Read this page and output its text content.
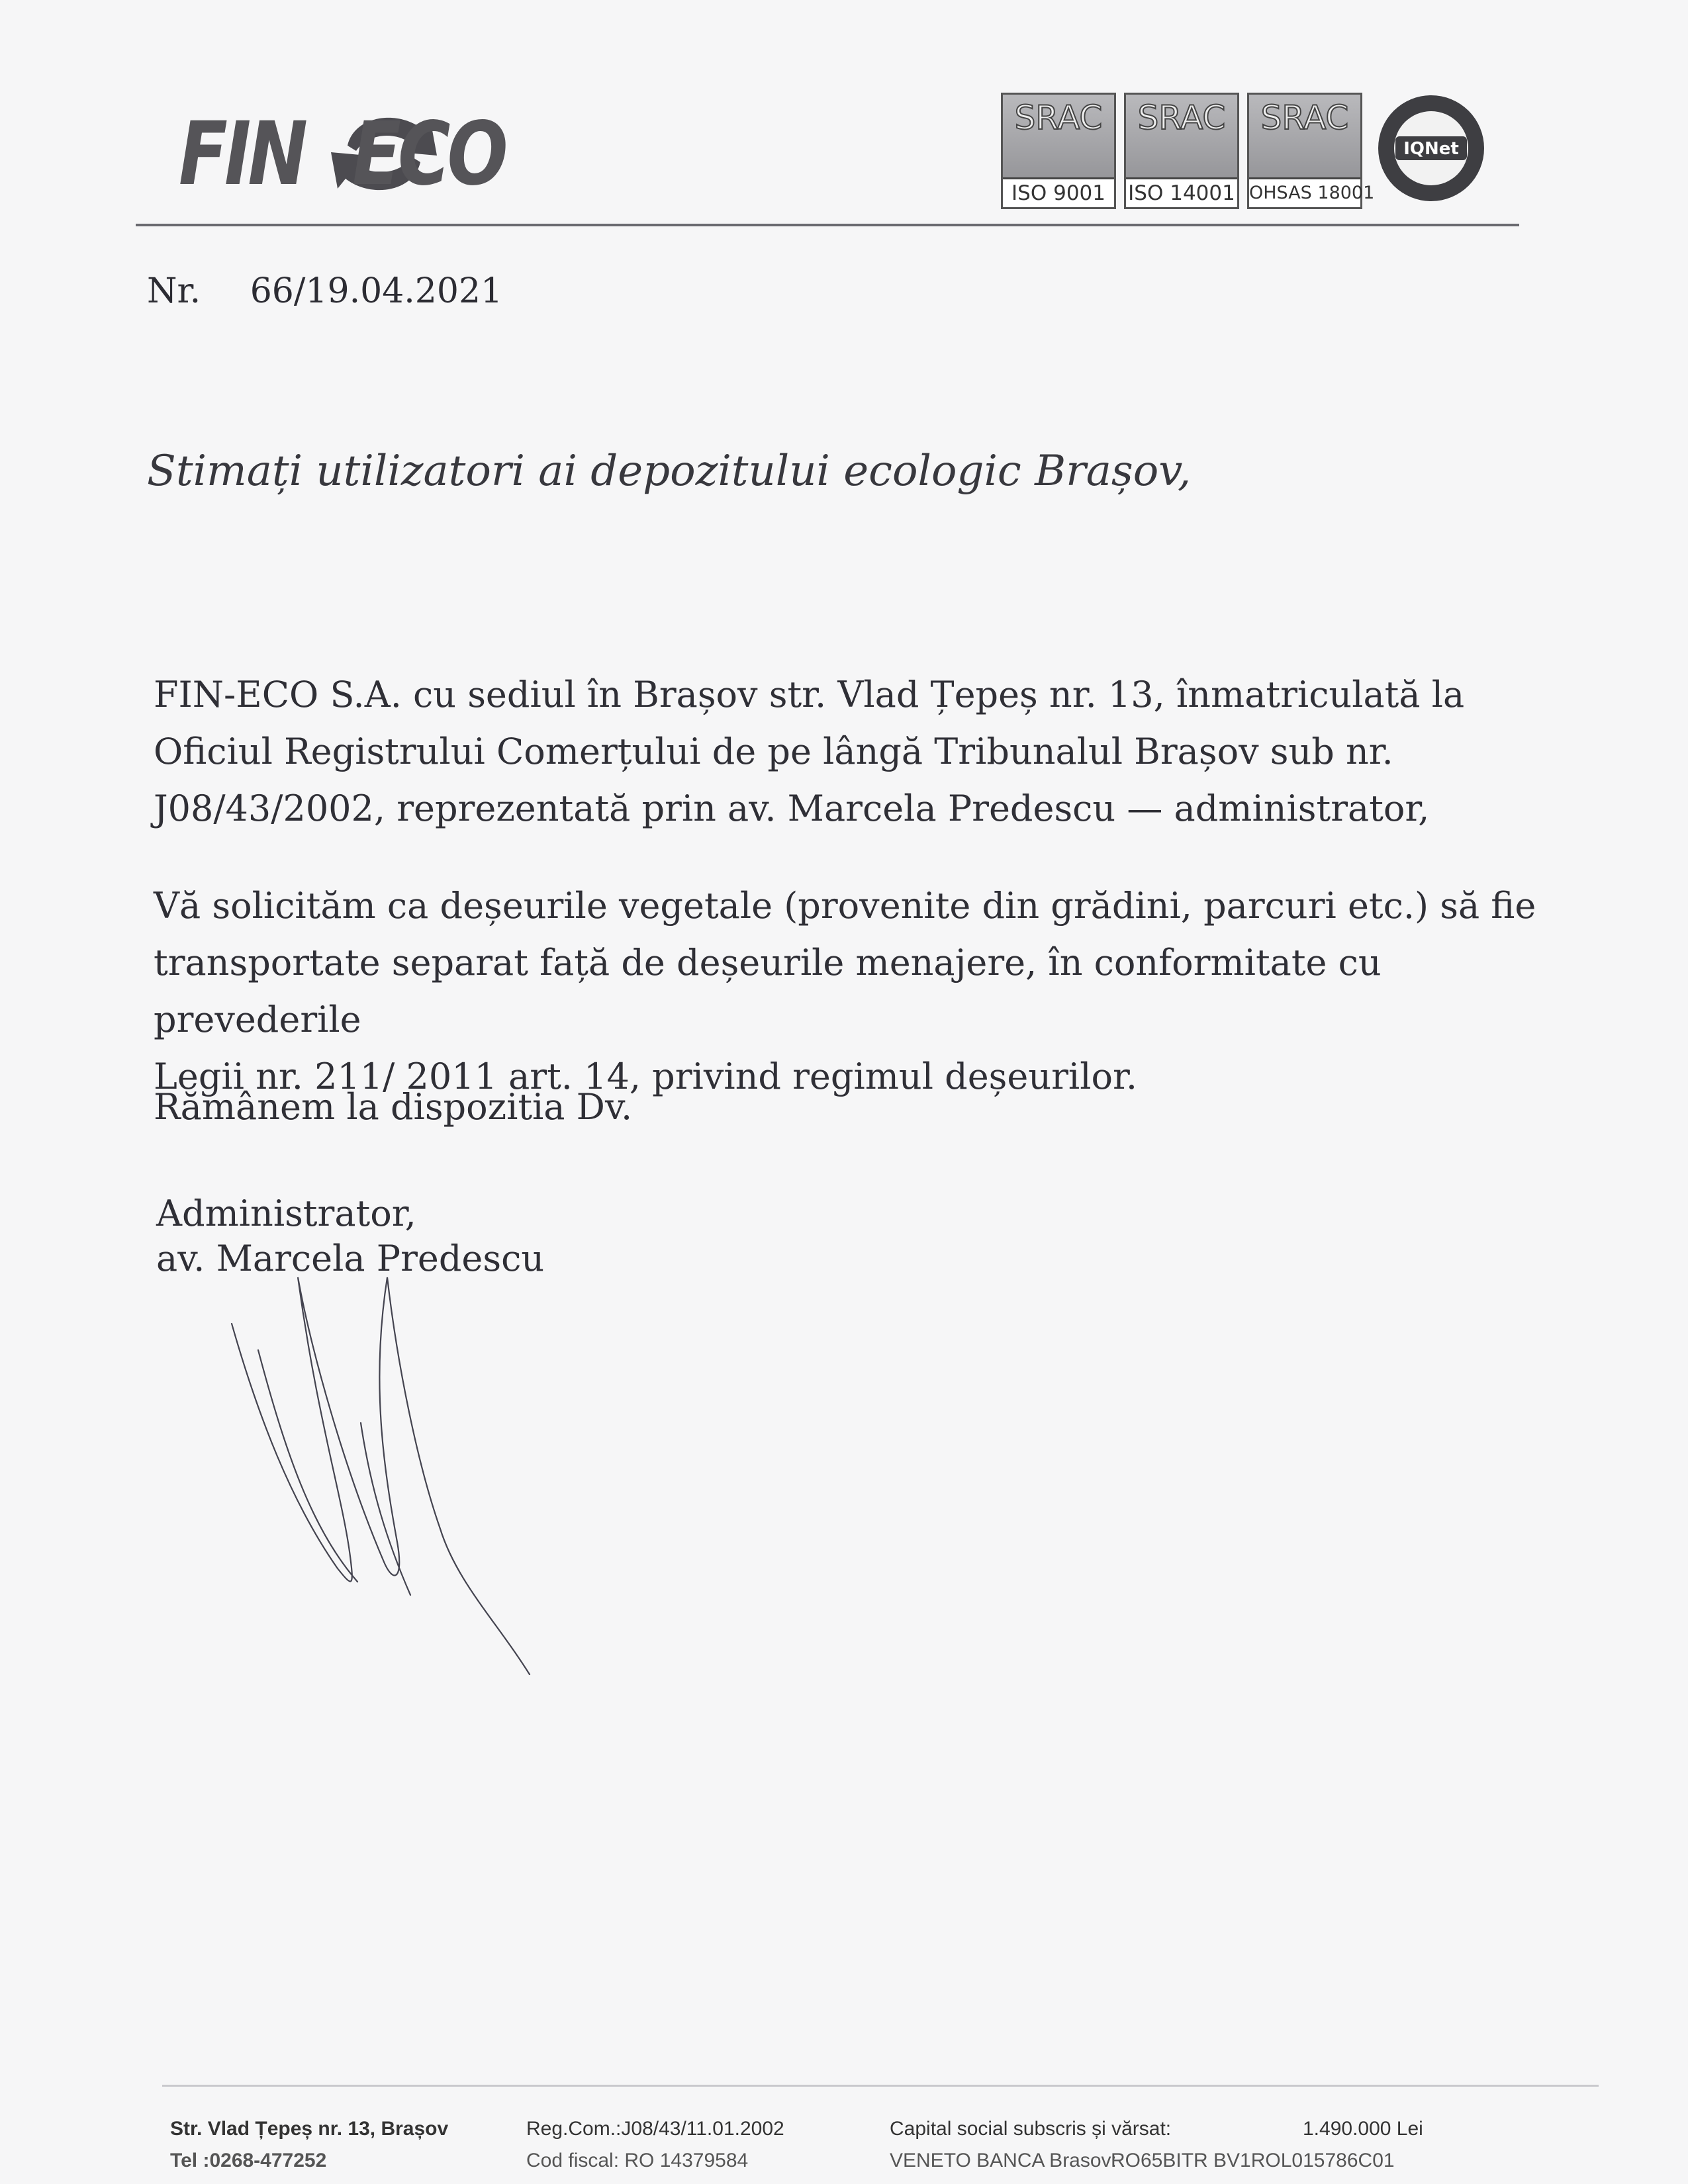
FIN ECO	SRAC
ISO 9001
SRAC
ISO 14001
SRAC
OHSAS 18001
IQNet
Nr. 66/19.04.2021
Stimați utilizatori ai depozitului ecologic Brașov,
FIN-ECO S.A. cu sediul în Brașov str. Vlad Țepeș nr. 13, înmatriculată la
Oficiul Registrului Comerțului de pe lângă Tribunalul Brașov sub nr.
J08/43/2002, reprezentată prin av. Marcela Predescu — administrator,
Vă solicităm ca deșeurile vegetale (provenite din grădini, parcuri etc.) să fie
transportate separat față de deșeurile menajere, în conformitate cu prevederile
Legii nr. 211/ 2011 art. 14, privind regimul deșeurilor.
Rămânem la dispozitia Dv.
Administrator,
av. Marcela Predescu
Str. Vlad Țepeș nr. 13, Brașov
Tel :0268-477252
Reg.Com.:J08/43/11.01.2002
Cod fiscal: RO 14379584
Capital social subscris și vărsat:
VENETO BANCA Brasov:
1.490.000 Lei
RO65BITR BV1ROL015786C01
